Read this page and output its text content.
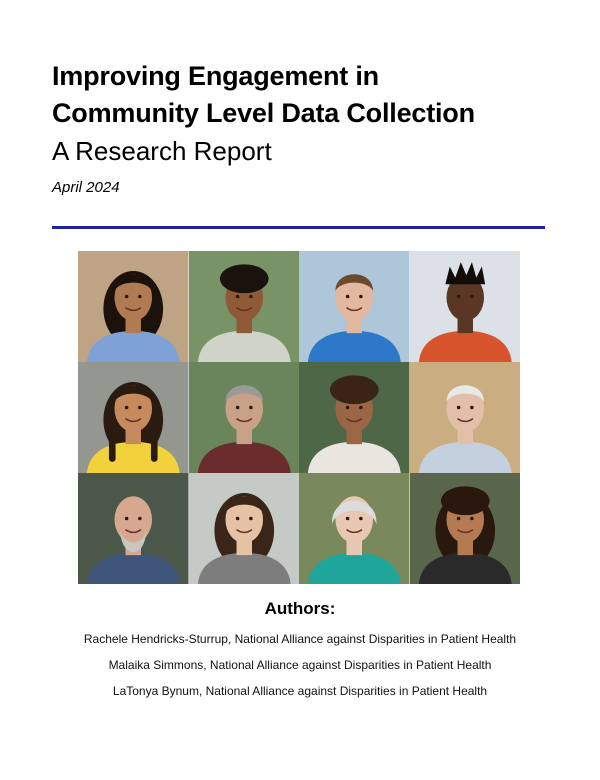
Improving Engagement in
Community Level Data Collection

A Research Report

April 2024

Authors:

Rachele Hendricks-Sturrup, National Alliance against Disparities in Patient Health

Malaika Simmons, National Alliance against Disparities in Patient Health

LaTonya Bynum, National Alliance against Disparities in Patient Health
